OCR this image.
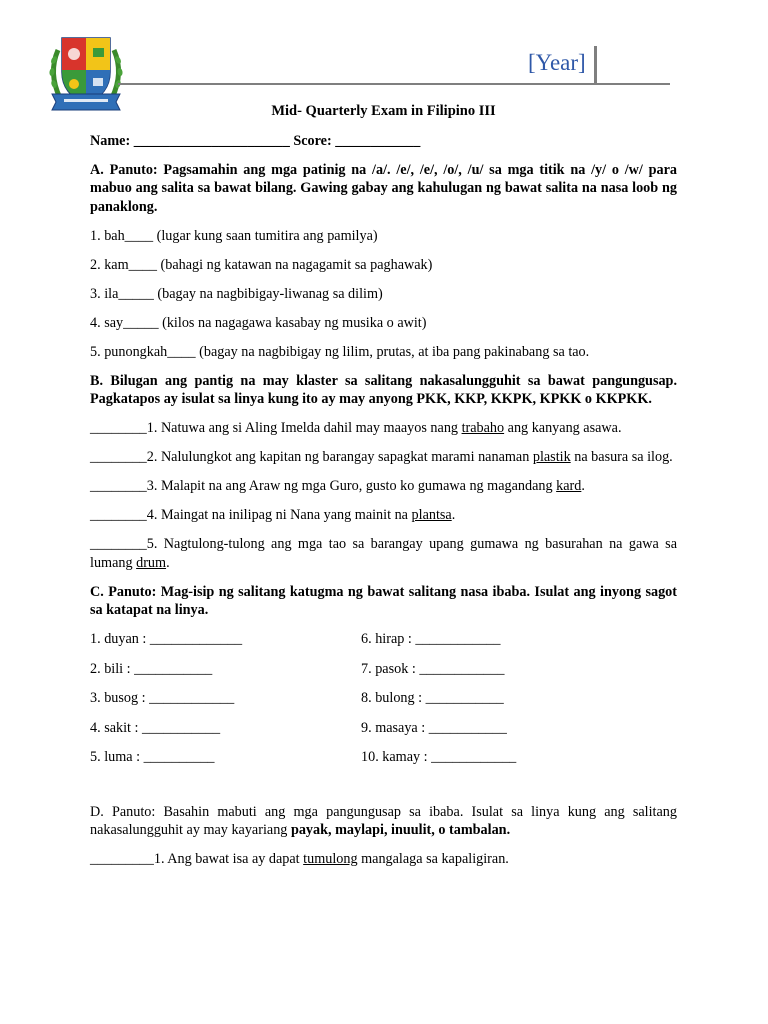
[Year]

Mid- Quarterly Exam in Filipino III

Name: ______________________ Score: ____________

A. Panuto: Pagsamahin ang mga patinig na /a/. /e/, /e/, /o/, /u/ sa mga titik na /y/ o /w/ para mabuo ang salita sa bawat bilang. Gawing gabay ang kahulugan ng bawat salita na nasa loob ng panaklong.

1. bah____ (lugar kung saan tumitira ang pamilya)

2. kam____ (bahagi ng katawan na nagagamit sa paghawak)

3. ila_____ (bagay na nagbibigay-liwanag sa dilim)

4. say_____ (kilos na nagagawa kasabay ng musika o awit)

5. punongkah____ (bagay na nagbibigay ng lilim, prutas, at iba pang pakinabang sa tao.

B. Bilugan ang pantig na may klaster sa salitang nakasalungguhit sa bawat pangungusap. Pagkatapos ay isulat sa linya kung ito ay may anyong PKK, KKP, KKPK, KPKK o KKPKK.

________1. Natuwa ang si Aling Imelda dahil may maayos nang trabaho ang kanyang asawa.

________2. Nalulungkot ang kapitan ng barangay sapagkat marami nanaman plastik na basura sa ilog.

________3. Malapit na ang Araw ng mga Guro, gusto ko gumawa ng magandang kard.

________4. Maingat na inilipag ni Nana yang mainit na plantsa.

________5. Nagtulong-tulong ang mga tao sa barangay upang gumawa ng basurahan na gawa sa lumang drum.

C. Panuto: Mag-isip ng salitang katugma ng bawat salitang nasa ibaba. Isulat ang inyong sagot sa katapat na linya.

1. duyan : _____________	6. hirap : ____________

2. bili : ___________	7. pasok : ____________

3. busog : ____________	8. bulong : ___________

4. sakit : ___________	9. masaya : ___________

5. luma : __________	10. kamay : ____________

D. Panuto: Basahin mabuti ang mga pangungusap sa ibaba. Isulat sa linya kung ang salitang nakasalungguhit ay may kayariang payak, maylapi, inuulit, o tambalan.

_________1. Ang bawat isa ay dapat tumulong mangalaga sa kapaligiran.
